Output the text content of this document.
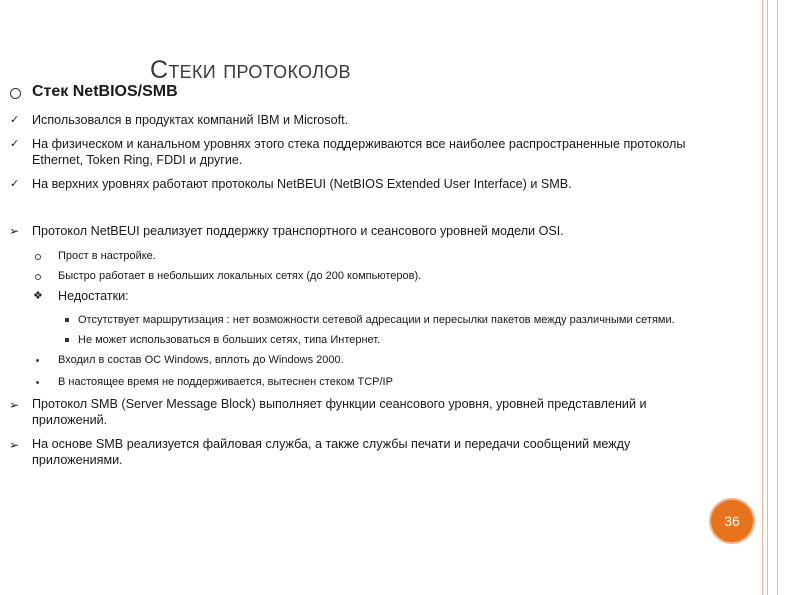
Стеки протоколов
Стек NetBIOS/SMB
✓ Использовался в продуктах компаний IBM и Microsoft.
✓ На физическом и канальном уровнях этого стека поддерживаются все наиболее распространенные протоколы
Ethernet, Token Ring, FDDI и другие.
✓ На верхних уровнях работают протоколы NetBEUI (NetBIOS Extended User Interface) и SMB.
➢ Протокол NetBEUI реализует поддержку транспортного и сеансового уровней модели OSI.
Прост в настройке.
Быстро работает в небольших локальных сетях (до 200 компьютеров).
❖ Недостатки:
Отсутствует маршрутизация : нет возможности сетевой адресации и пересылки пакетов между различными сетями.
Не может использоваться в больших сетях, типа Интернет.
Входил в состав ОС Windows, вплоть до Windows 2000.
В настоящее время не поддерживается, вытеснен стеком TCP/IP
➢ Протокол SMB (Server Message Block) выполняет функции сеансового уровня, уровней представлений и
приложений.
➢ На основе SMB реализуется файловая служба, а также службы печати и передачи сообщений между
приложениями.
36
